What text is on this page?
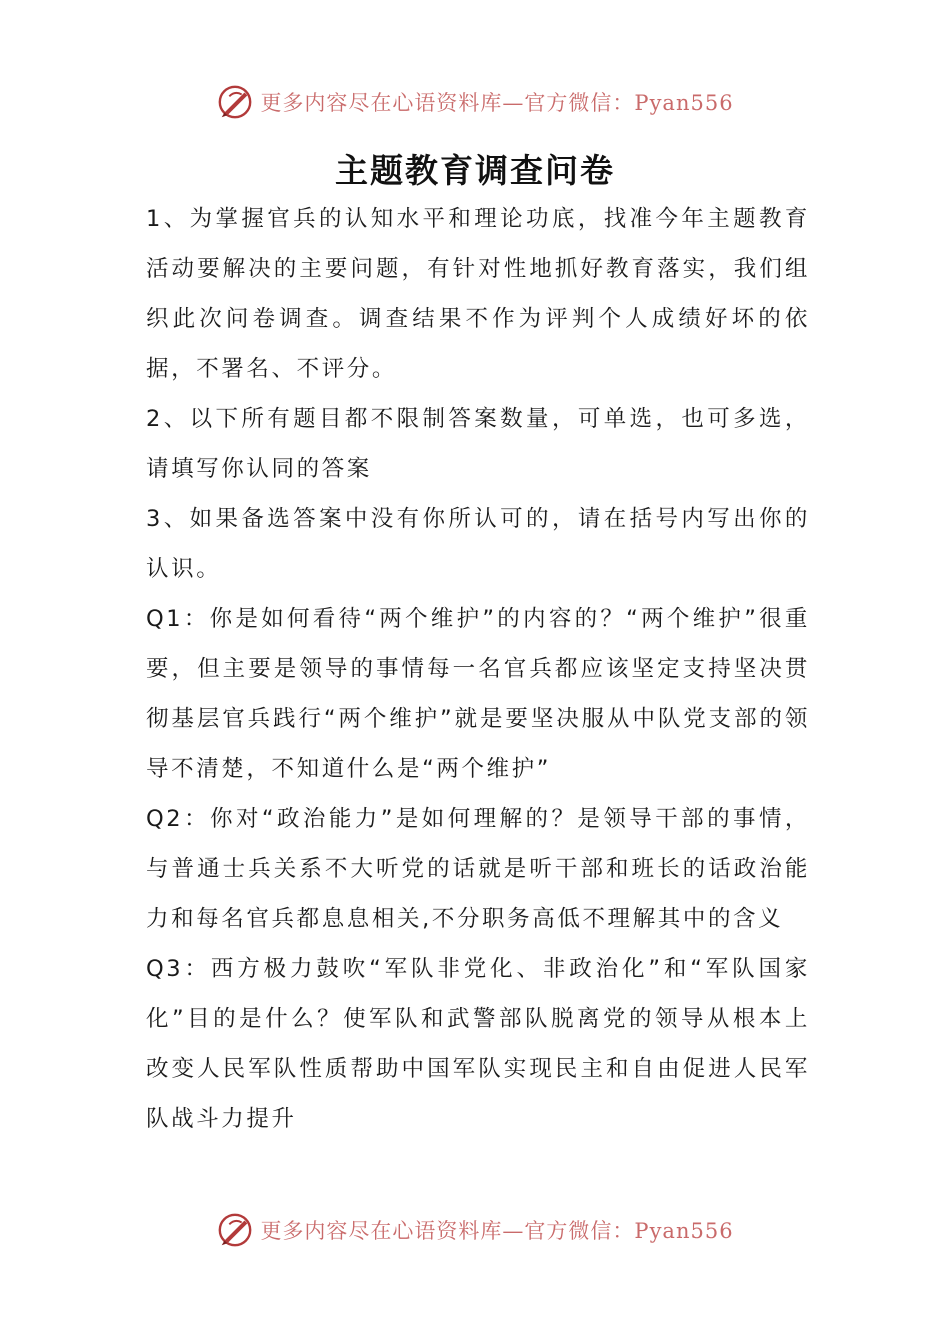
更多内容尽在心语资料库—官方微信：Pyan556
主题教育调查问卷

1、为掌握官兵的认知水平和理论功底，找准今年主题教育活动要解决的主要问题，有针对性地抓好教育落实，我们组织此次问卷调查。调查结果不作为评判个人成绩好坏的依据，不署名、不评分。

2、以下所有题目都不限制答案数量，可单选，也可多选，请填写你认同的答案

3、如果备选答案中没有你所认可的，请在括号内写出你的认识。

Q1：你是如何看待“两个维护”的内容的？“两个维护”很重要，但主要是领导的事情每一名官兵都应该坚定支持坚决贯彻基层官兵践行“两个维护”就是要坚决服从中队党支部的领导不清楚，不知道什么是“两个维护”

Q2：你对“政治能力”是如何理解的？是领导干部的事情，与普通士兵关系不大听党的话就是听干部和班长的话政治能力和每名官兵都息息相关,不分职务高低不理解其中的含义

Q3：西方极力鼓吹“军队非党化、非政治化”和“军队国家化”目的是什么？使军队和武警部队脱离党的领导从根本上改变人民军队性质帮助中国军队实现民主和自由促进人民军队战斗力提升

更多内容尽在心语资料库—官方微信：Pyan556
